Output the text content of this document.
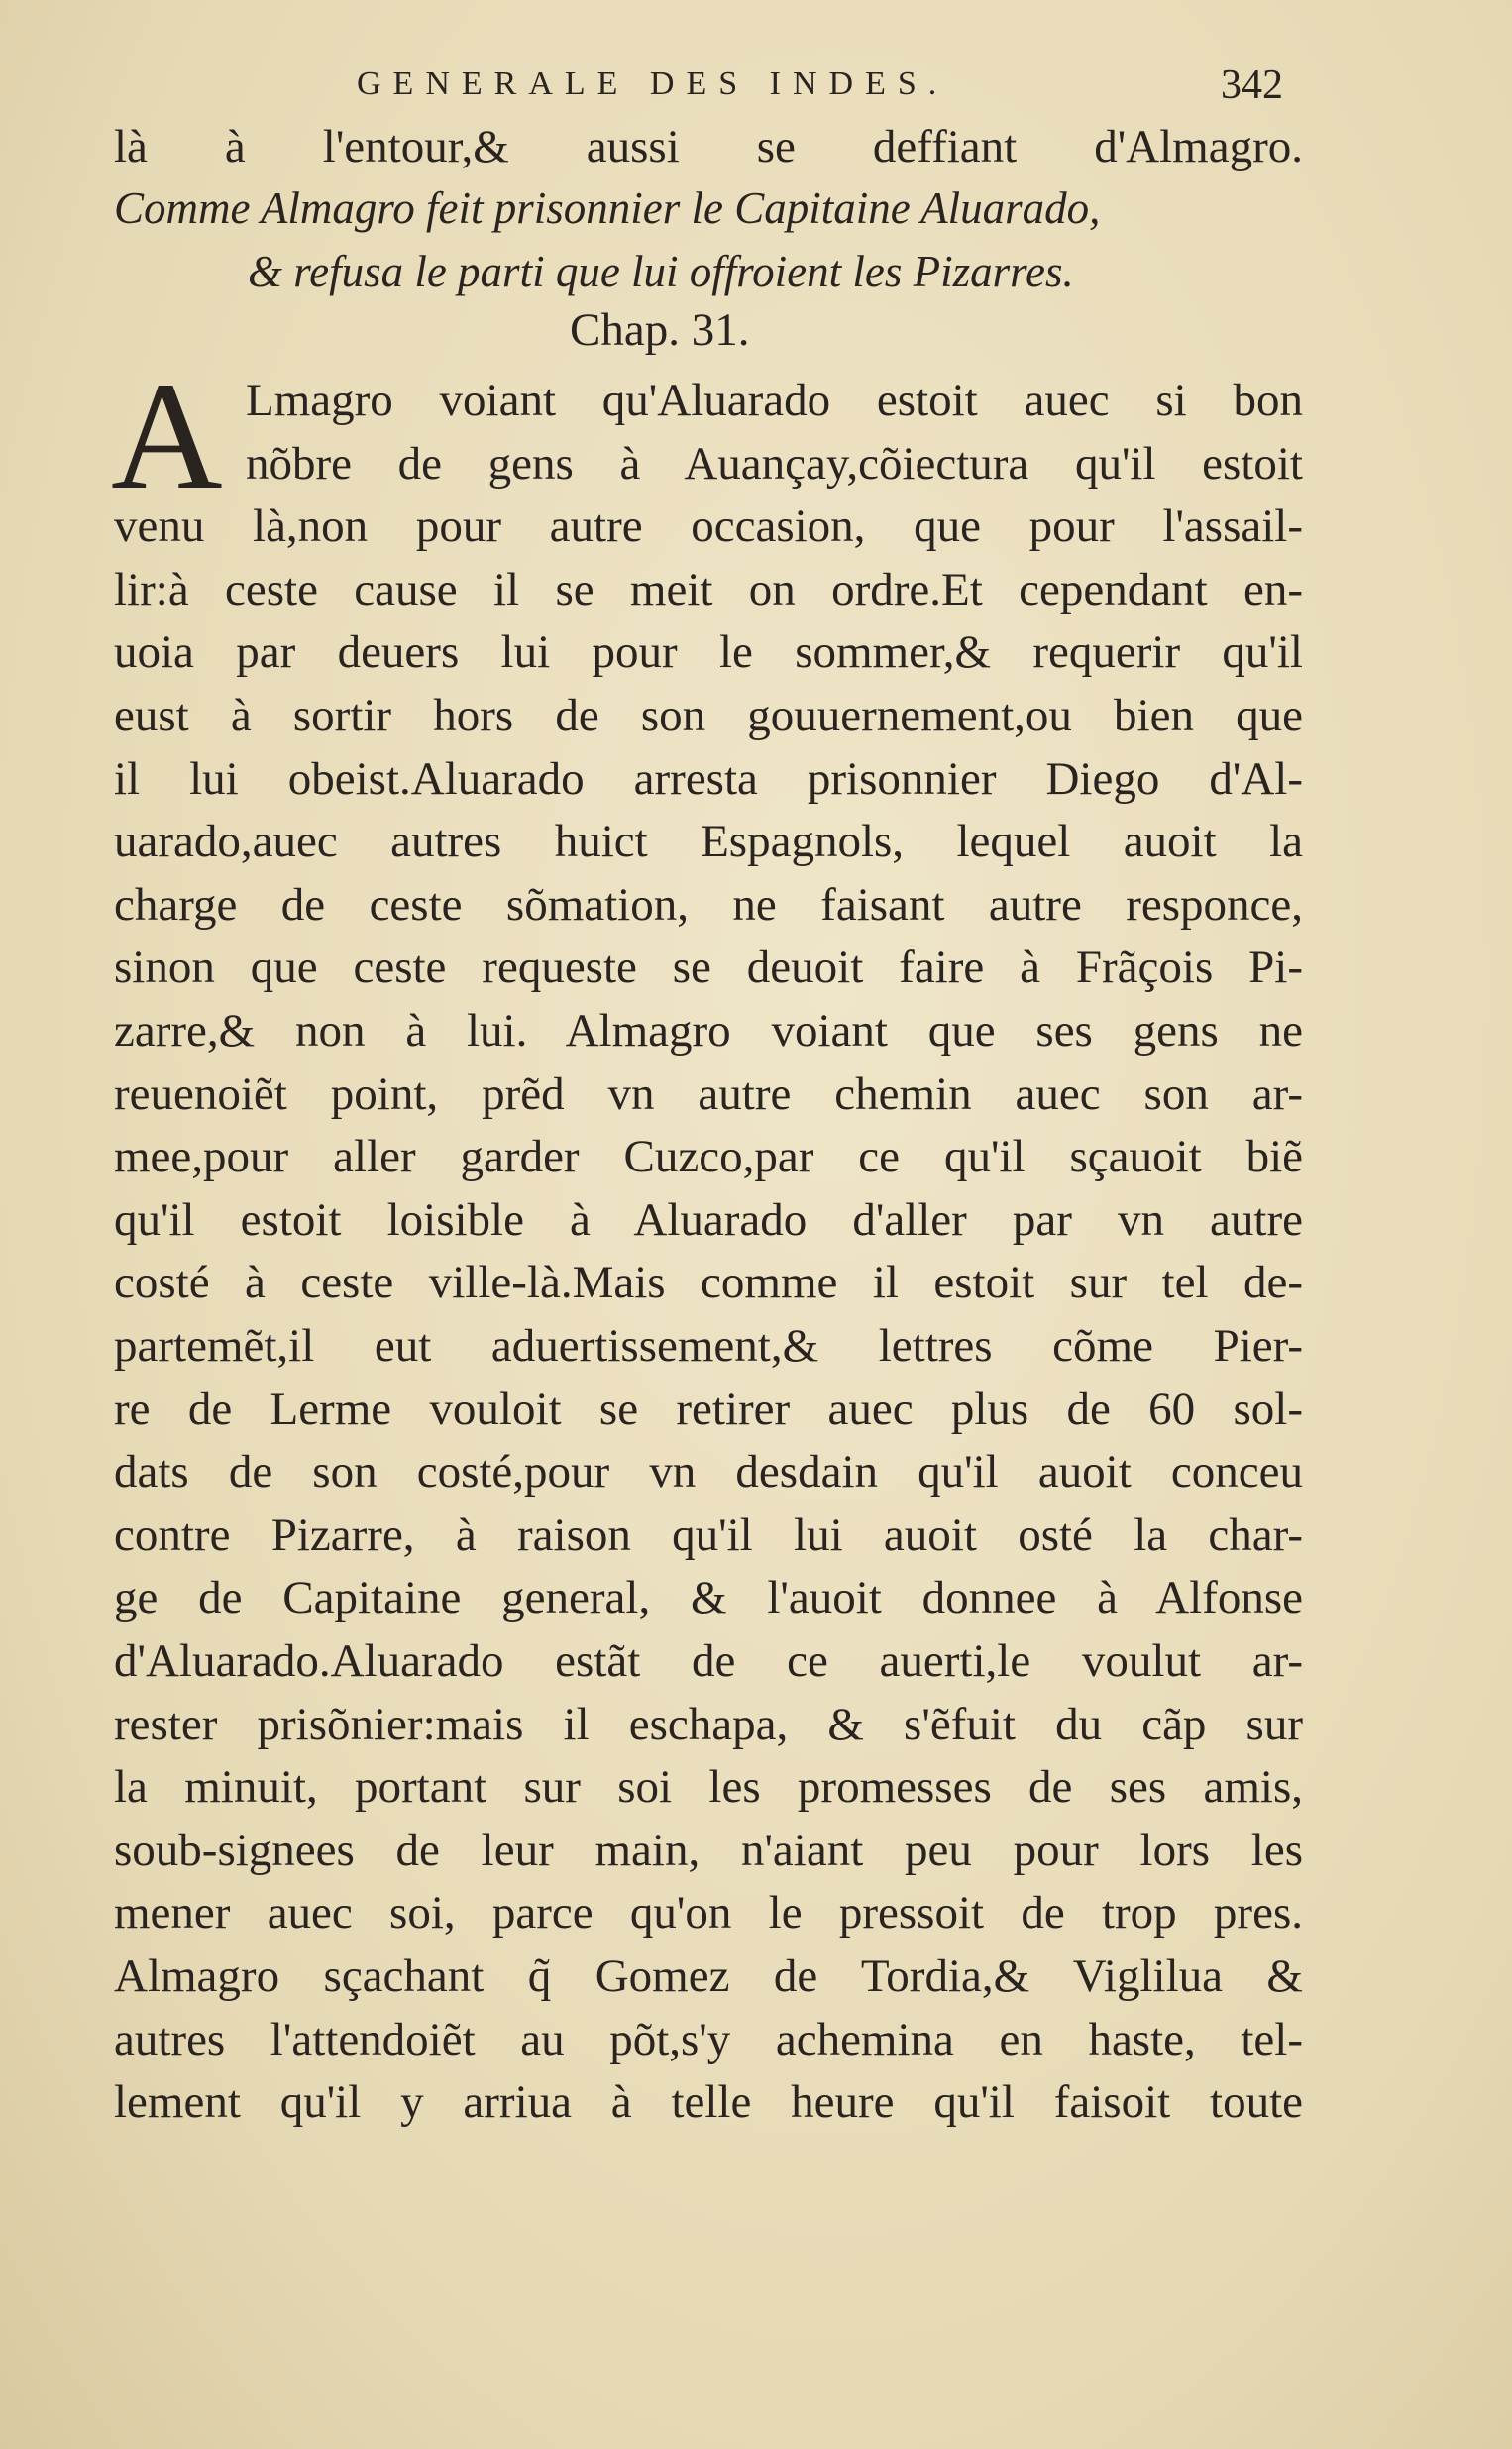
GENERALE DES INDES.	342
là à l'entour,& aussi se deffiant d'Almagro.
Comme Almagro feit prisonnier le Capitaine Aluarado,
& refusa le parti que lui offroient les Pizarres.
Chap. 31.
A Lmagro voiant qu'Aluarado estoit auec si bon
nõbre de gens à Auançay,cõiectura qu'il estoit
venu là,non pour autre occasion, que pour l'assail-
lir:à ceste cause il se meit on ordre.Et cependant en-
uoia par deuers lui pour le sommer,& requerir qu'il
eust à sortir hors de son gouuernement,ou bien que
il lui obeist.Aluarado arresta prisonnier Diego d'Al-
uarado,auec autres huict Espagnols, lequel auoit la
charge de ceste sõmation, ne faisant autre responce,
sinon que ceste requeste se deuoit faire à Frãçois Pi-
zarre,& non à lui. Almagro voiant que ses gens ne
reuenoiẽt point, prẽd vn autre chemin auec son ar-
mee,pour aller garder Cuzco,par ce qu'il sçauoit biẽ
qu'il estoit loisible à Aluarado d'aller par vn autre
costé à ceste ville-là.Mais comme il estoit sur tel de-
partemẽt,il eut aduertissement,& lettres cõme Pier-
re de Lerme vouloit se retirer auec plus de 60 sol-
dats de son costé,pour vn desdain qu'il auoit conceu
contre Pizarre, à raison qu'il lui auoit osté la char-
ge de Capitaine general, & l'auoit donnee à Alfonse
d'Aluarado.Aluarado estãt de ce auerti,le voulut ar-
rester prisõnier:mais il eschapa, & s'ẽfuit du cãp sur
la minuit, portant sur soi les promesses de ses amis,
soub-signees de leur main, n'aiant peu pour lors les
mener auec soi, parce qu'on le pressoit de trop pres.
Almagro sçachant q̃ Gomez de Tordia,& Viglilua &
autres l'attendoiẽt au põt,s'y achemina en haste, tel-
lement qu'il y arriua à telle heure qu'il faisoit toute
